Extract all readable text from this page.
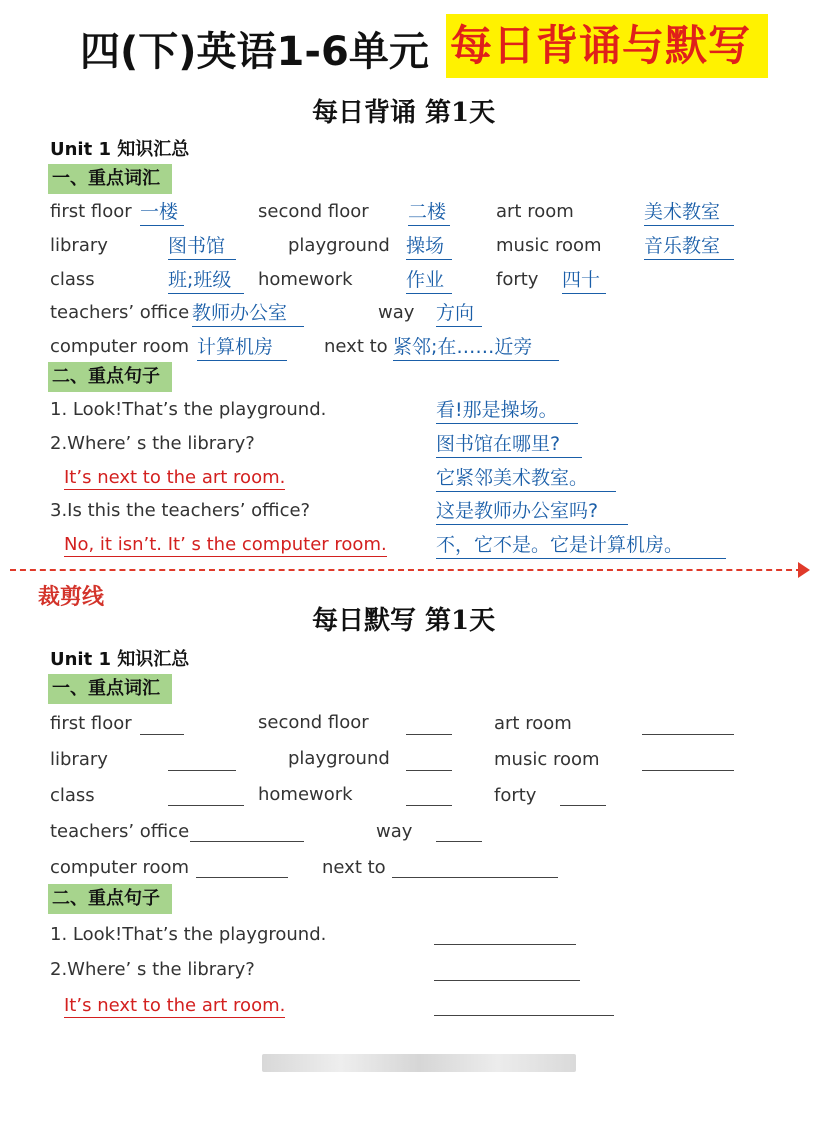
四(下)英语1-6单元 每日背诵与默写
每日背诵 第1天
Unit 1 知识汇总
一、重点词汇
first floor 一楼	second floor 二楼	art room	美术教室
library	图书馆	playground 操场	music room 音乐教室
class	班;班级	homework	作业	forty 四十
teachers’ office 教师办公室	way 方向
computer room 计算机房	next to 紧邻;在……近旁
二、重点句子
1. Look!That’s the playground.	看!那是操场。
2.Where’ s the library?	图书馆在哪里?
It’s next to the art room.	它紧邻美术教室。
3.Is this the teachers’ office?	这是教师办公室吗?
No, it isn’t. It’ s the computer room.	不，它不是。它是计算机房。
裁剪线
每日默写 第1天
Unit 1 知识汇总
一、重点词汇
first floor	second floor	art room
library	playground	music room
class	homework	forty
teachers’ office	way
computer room	next to
二、重点句子
1. Look!That’s the playground.
2.Where’ s the library?
It’s next to the art room.
